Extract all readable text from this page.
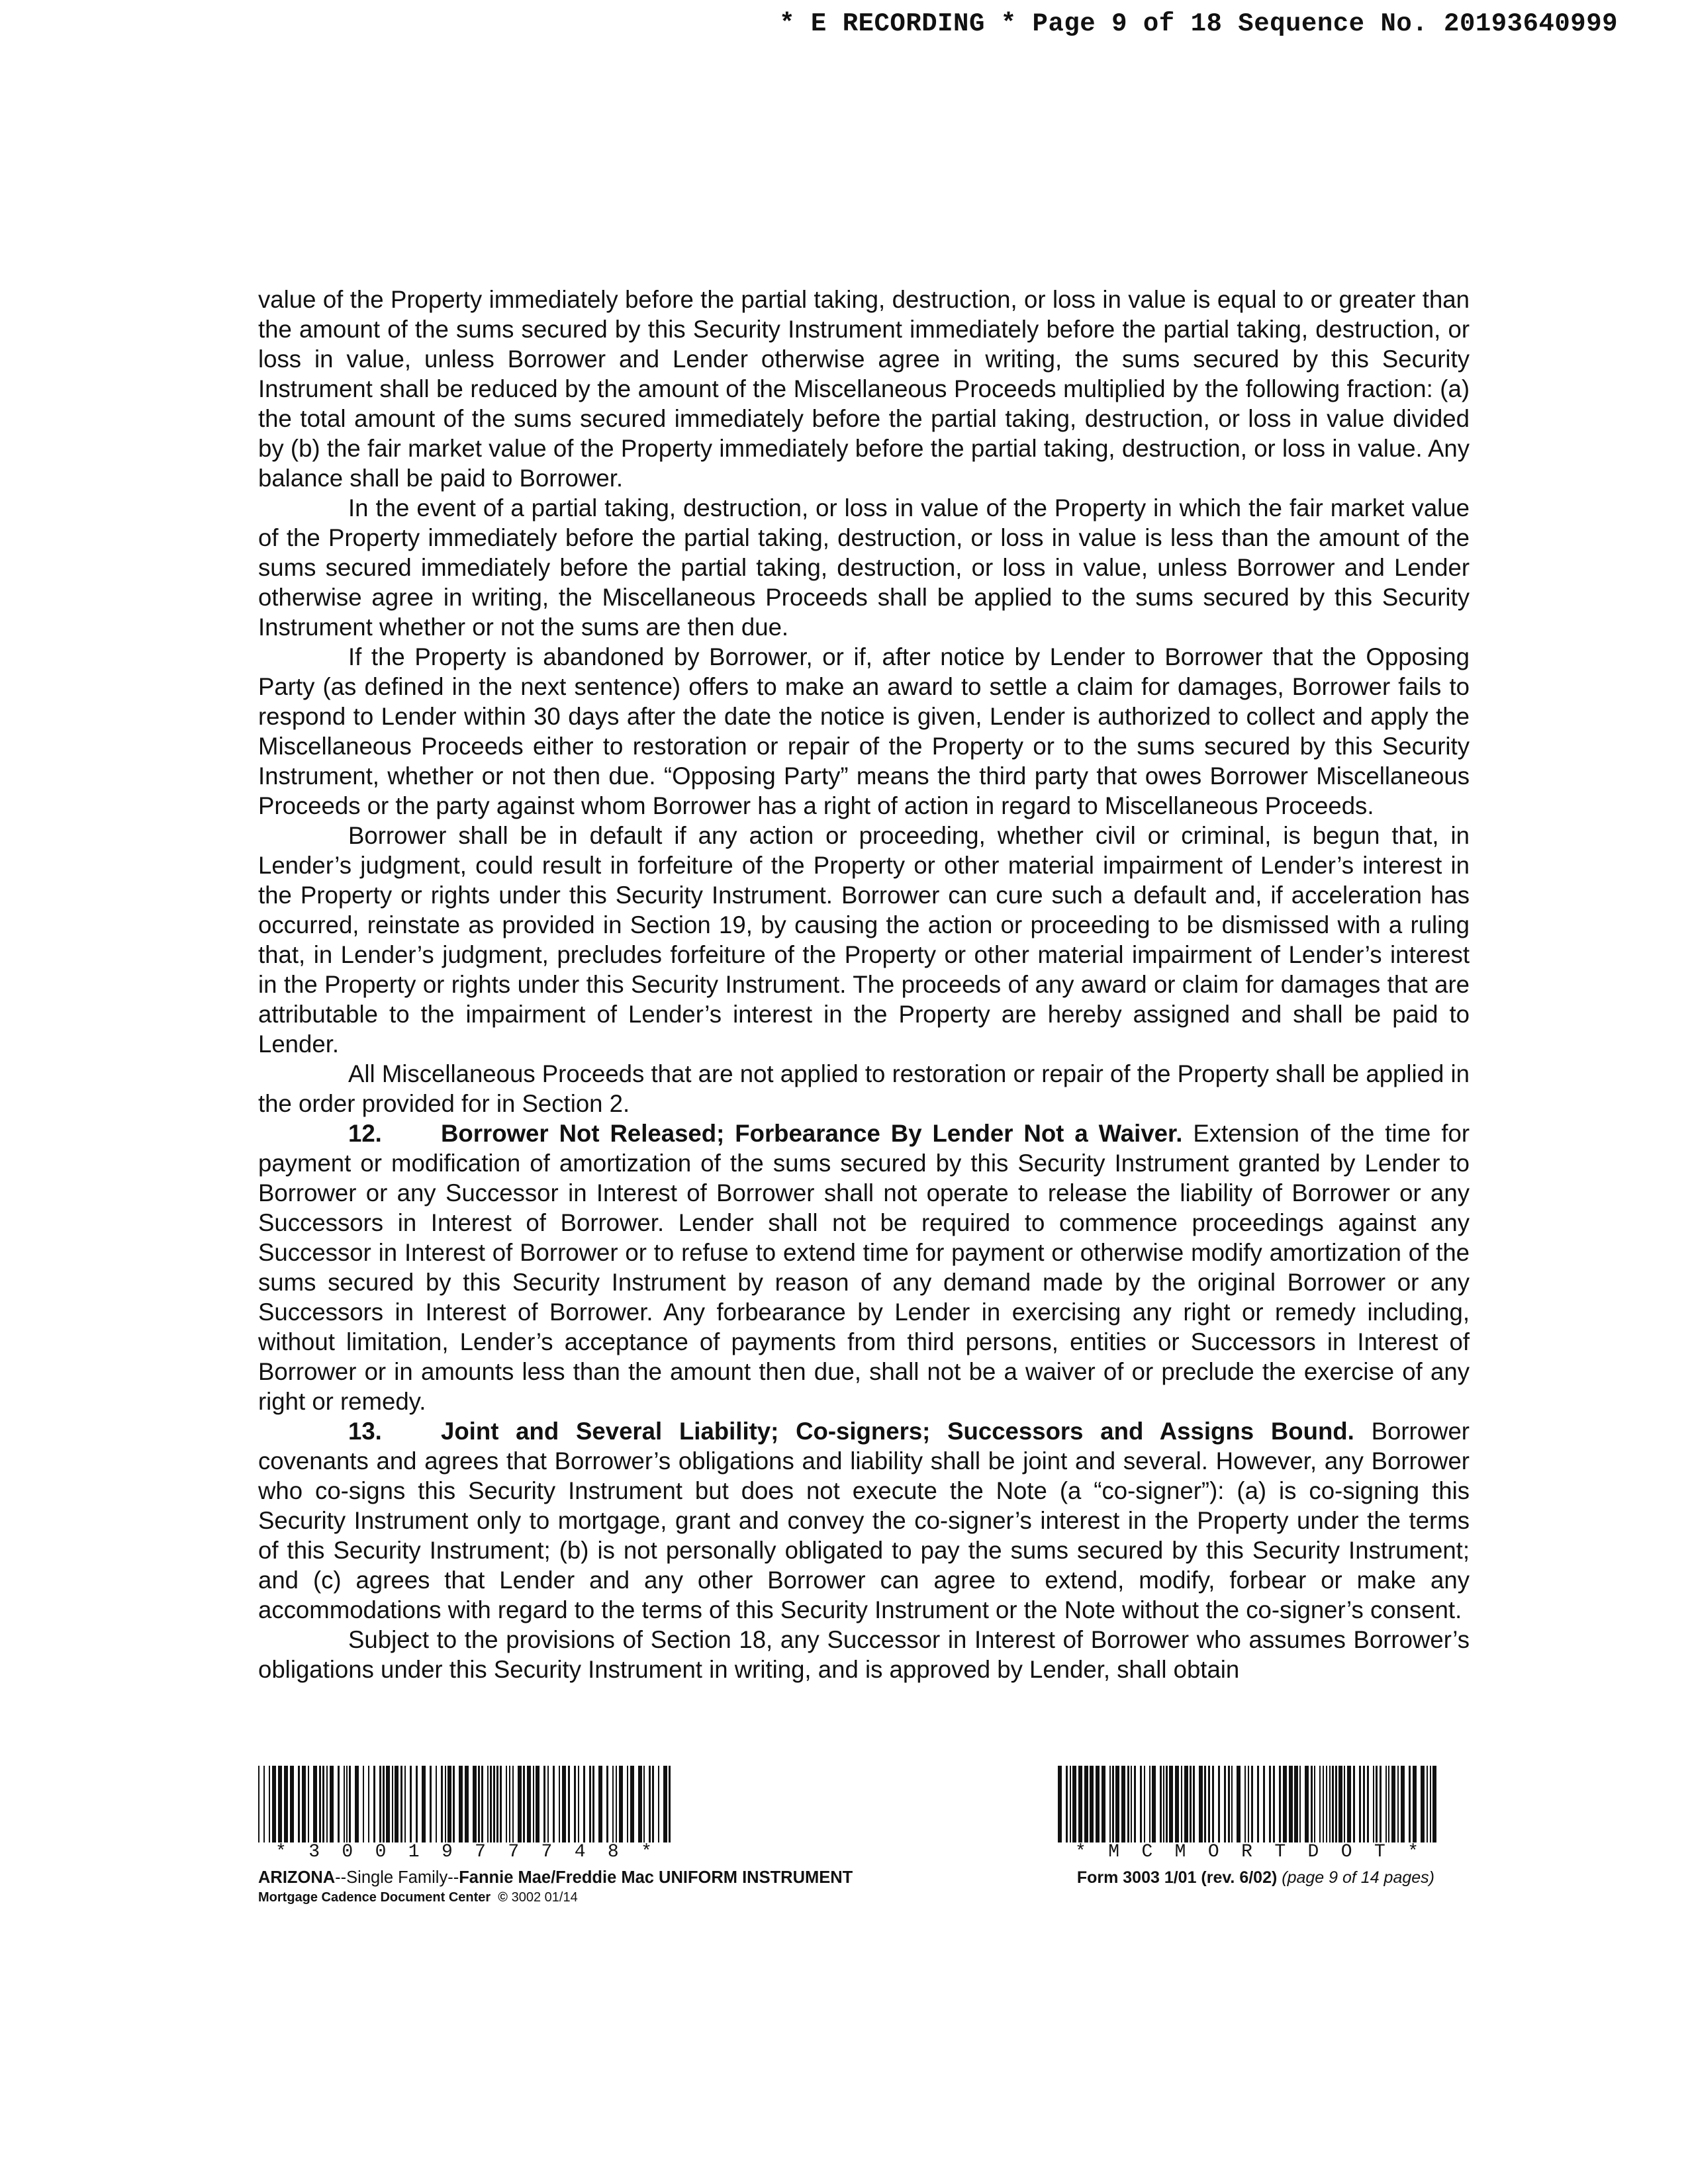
* E RECORDING * Page 9 of 18 Sequence No. 20193640999

value of the Property immediately before the partial taking, destruction, or loss in value is equal to or greater than the amount of the sums secured by this Security Instrument immediately before the partial taking, destruction, or loss in value, unless Borrower and Lender otherwise agree in writing, the sums secured by this Security Instrument shall be reduced by the amount of the Miscellaneous Proceeds multiplied by the following fraction: (a) the total amount of the sums secured immediately before the partial taking, destruction, or loss in value divided by (b) the fair market value of the Property immediately before the partial taking, destruction, or loss in value. Any balance shall be paid to Borrower.

In the event of a partial taking, destruction, or loss in value of the Property in which the fair market value of the Property immediately before the partial taking, destruction, or loss in value is less than the amount of the sums secured immediately before the partial taking, destruction, or loss in value, unless Borrower and Lender otherwise agree in writing, the Miscellaneous Proceeds shall be applied to the sums secured by this Security Instrument whether or not the sums are then due.

If the Property is abandoned by Borrower, or if, after notice by Lender to Borrower that the Opposing Party (as defined in the next sentence) offers to make an award to settle a claim for damages, Borrower fails to respond to Lender within 30 days after the date the notice is given, Lender is authorized to collect and apply the Miscellaneous Proceeds either to restoration or repair of the Property or to the sums secured by this Security Instrument, whether or not then due. “Opposing Party” means the third party that owes Borrower Miscellaneous Proceeds or the party against whom Borrower has a right of action in regard to Miscellaneous Proceeds.

Borrower shall be in default if any action or proceeding, whether civil or criminal, is begun that, in Lender’s judgment, could result in forfeiture of the Property or other material impairment of Lender’s interest in the Property or rights under this Security Instrument. Borrower can cure such a default and, if acceleration has occurred, reinstate as provided in Section 19, by causing the action or proceeding to be dismissed with a ruling that, in Lender’s judgment, precludes forfeiture of the Property or other material impairment of Lender’s interest in the Property or rights under this Security Instrument. The proceeds of any award or claim for damages that are attributable to the impairment of Lender’s interest in the Property are hereby assigned and shall be paid to Lender.

All Miscellaneous Proceeds that are not applied to restoration or repair of the Property shall be applied in the order provided for in Section 2.

12. Borrower Not Released; Forbearance By Lender Not a Waiver. Extension of the time for payment or modification of amortization of the sums secured by this Security Instrument granted by Lender to Borrower or any Successor in Interest of Borrower shall not operate to release the liability of Borrower or any Successors in Interest of Borrower. Lender shall not be required to commence proceedings against any Successor in Interest of Borrower or to refuse to extend time for payment or otherwise modify amortization of the sums secured by this Security Instrument by reason of any demand made by the original Borrower or any Successors in Interest of Borrower. Any forbearance by Lender in exercising any right or remedy including, without limitation, Lender’s acceptance of payments from third persons, entities or Successors in Interest of Borrower or in amounts less than the amount then due, shall not be a waiver of or preclude the exercise of any right or remedy.

13. Joint and Several Liability; Co-signers; Successors and Assigns Bound. Borrower covenants and agrees that Borrower’s obligations and liability shall be joint and several. However, any Borrower who co-signs this Security Instrument but does not execute the Note (a “co-signer”): (a) is co-signing this Security Instrument only to mortgage, grant and convey the co-signer’s interest in the Property under the terms of this Security Instrument; (b) is not personally obligated to pay the sums secured by this Security Instrument; and (c) agrees that Lender and any other Borrower can agree to extend, modify, forbear or make any accommodations with regard to the terms of this Security Instrument or the Note without the co-signer’s consent.

Subject to the provisions of Section 18, any Successor in Interest of Borrower who assumes Borrower’s obligations under this Security Instrument in writing, and is approved by Lender, shall obtain

* 3 0 0 1 9 7 7 7 4 8 *	* M C M O R T D O T *
ARIZONA--Single Family--Fannie Mae/Freddie Mac UNIFORM INSTRUMENT
Mortgage Cadence Document Center © 3002 01/14
Form 3003 1/01 (rev. 6/02) (page 9 of 14 pages)
